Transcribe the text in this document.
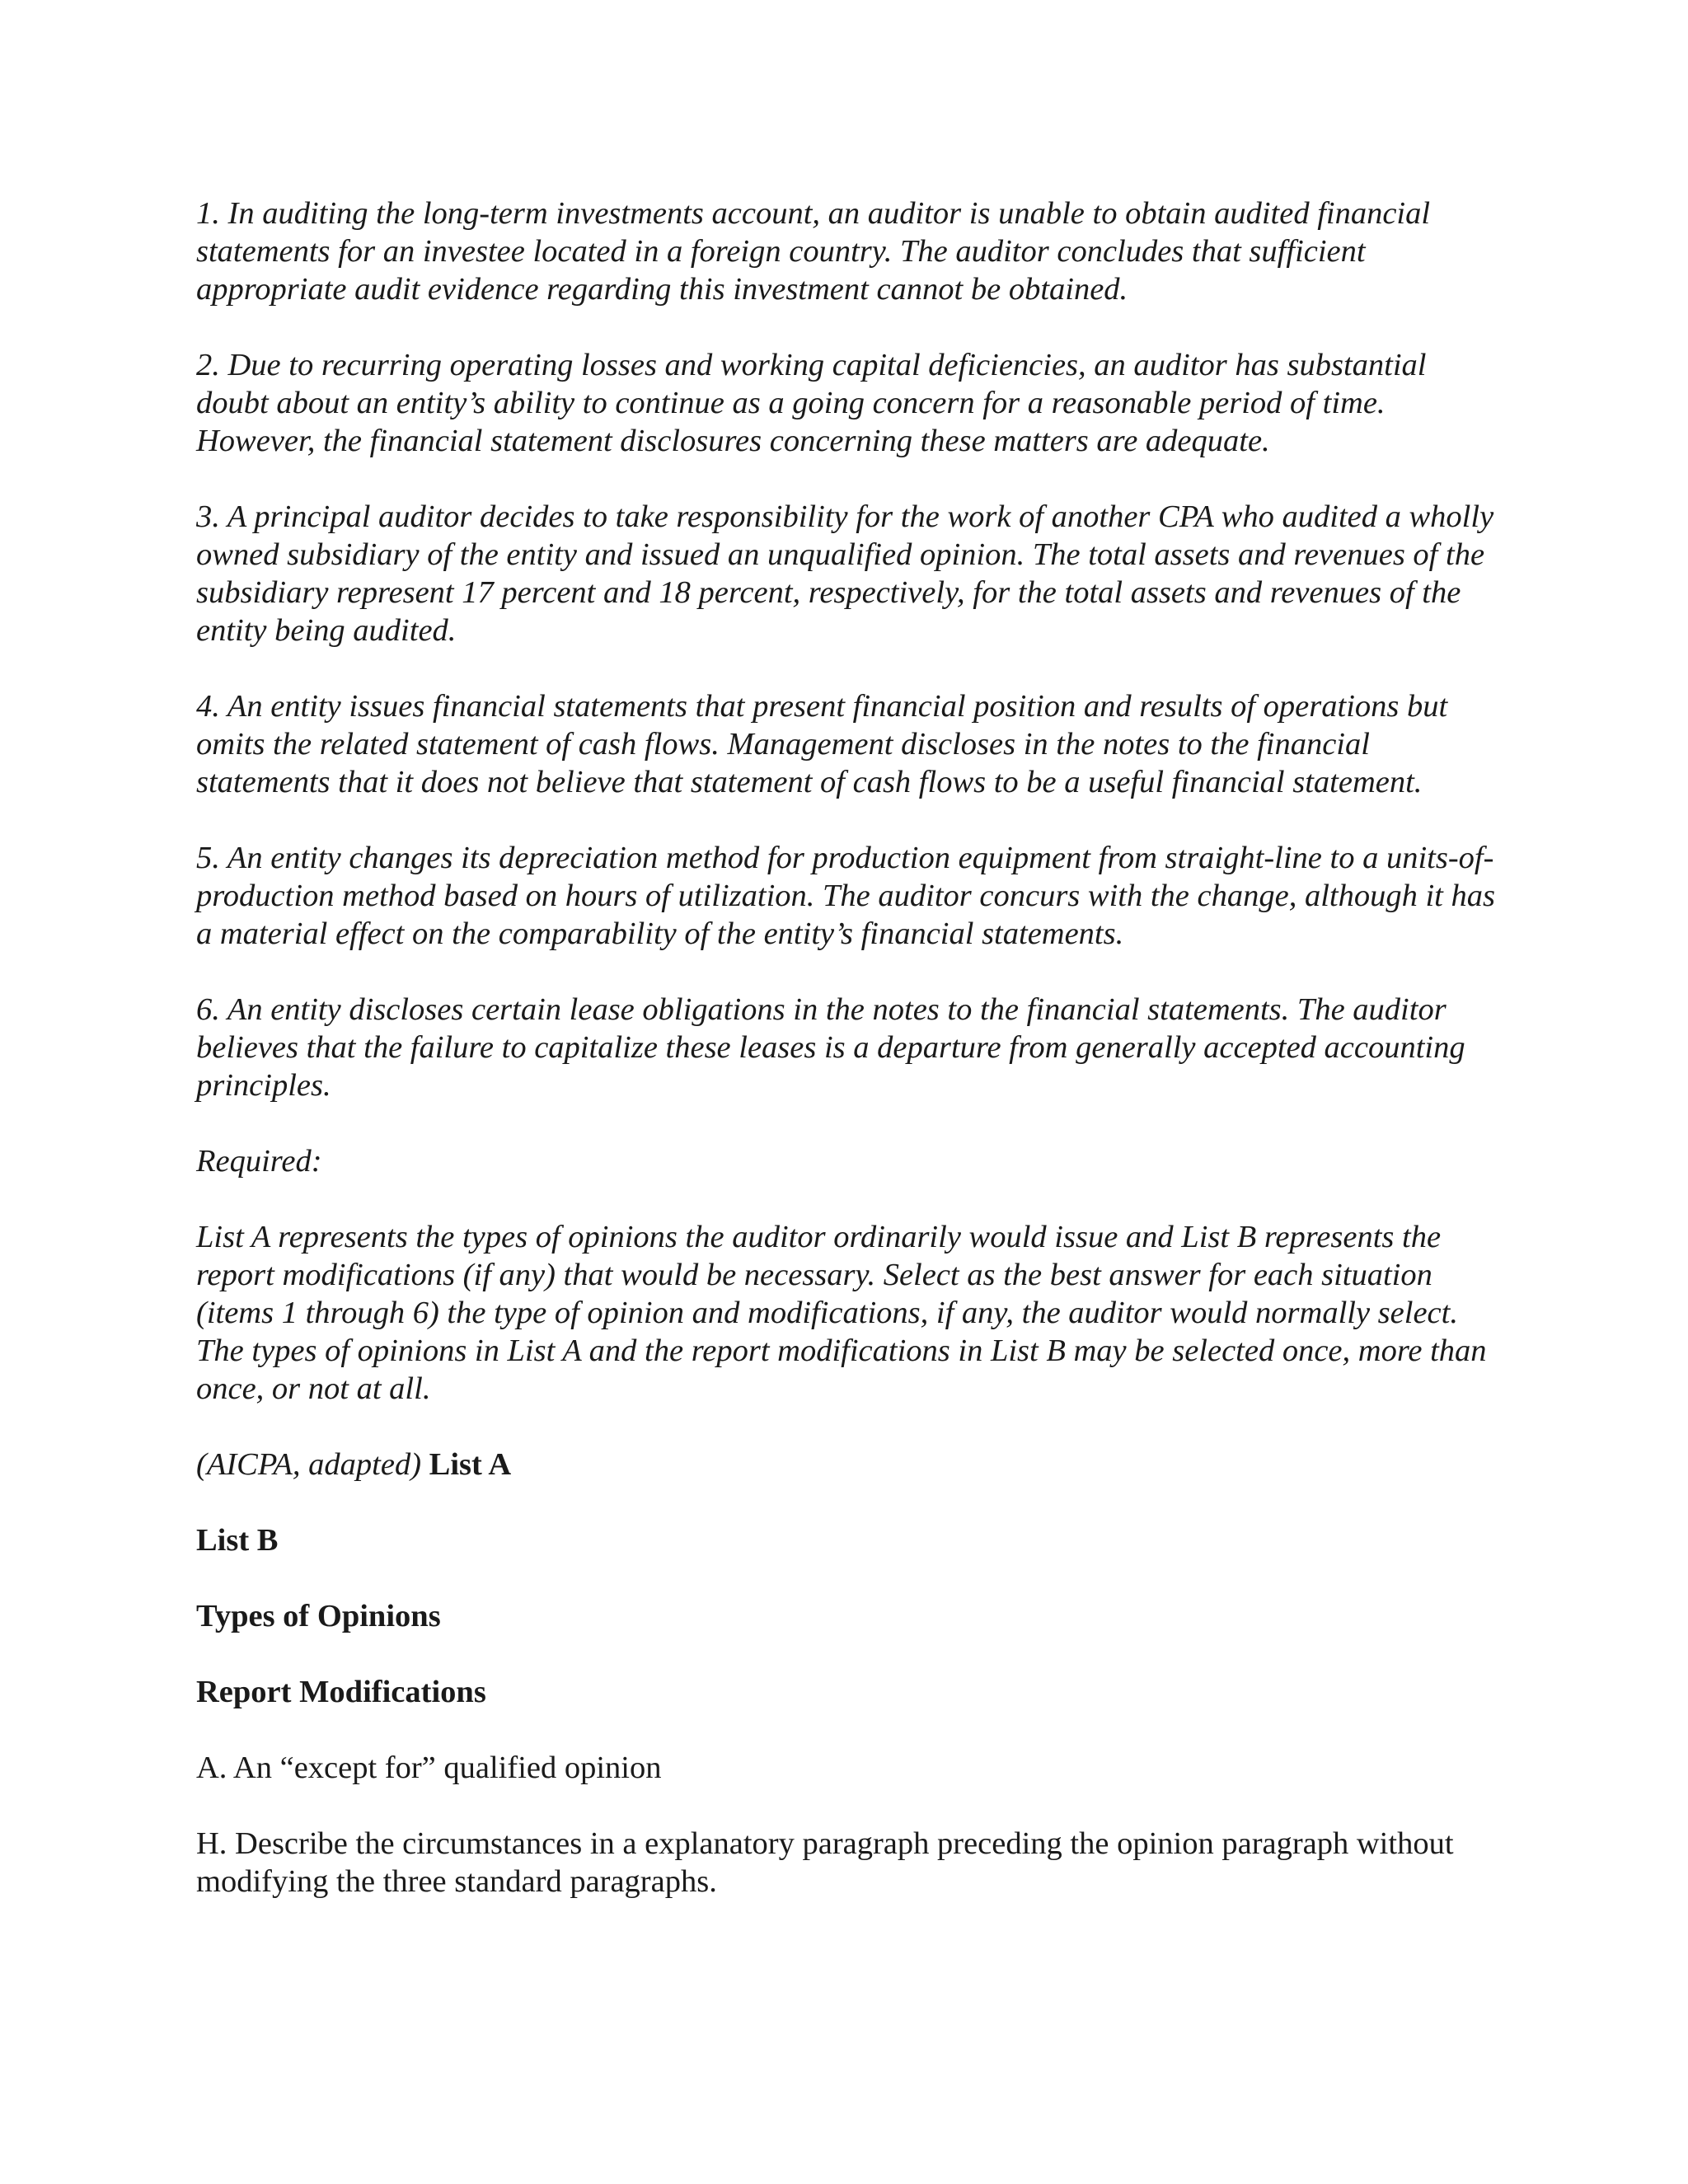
1. In auditing the long-term investments account, an auditor is unable to obtain audited financial statements for an investee located in a foreign country. The auditor concludes that sufficient appropriate audit evidence regarding this investment cannot be obtained.

2. Due to recurring operating losses and working capital deficiencies, an auditor has substantial doubt about an entity’s ability to continue as a going concern for a reasonable period of time. However, the financial statement disclosures concerning these matters are adequate.

3. A principal auditor decides to take responsibility for the work of another CPA who audited a wholly owned subsidiary of the entity and issued an unqualified opinion. The total assets and revenues of the subsidiary represent 17 percent and 18 percent, respectively, for the total assets and revenues of the entity being audited.

4. An entity issues financial statements that present financial position and results of operations but omits the related statement of cash flows. Management discloses in the notes to the financial statements that it does not believe that statement of cash flows to be a useful financial statement.

5. An entity changes its depreciation method for production equipment from straight-line to a units-of-production method based on hours of utilization. The auditor concurs with the change, although it has a material effect on the comparability of the entity’s financial statements.

6. An entity discloses certain lease obligations in the notes to the financial statements. The auditor believes that the failure to capitalize these leases is a departure from generally accepted accounting principles.

Required:

List A represents the types of opinions the auditor ordinarily would issue and List B represents the report modifications (if any) that would be necessary. Select as the best answer for each situation (items 1 through 6) the type of opinion and modifications, if any, the auditor would normally select. The types of opinions in List A and the report modifications in List B may be selected once, more than once, or not at all.

(AICPA, adapted) List A

List B

Types of Opinions

Report Modifications

A. An “except for” qualified opinion

H. Describe the circumstances in a explanatory paragraph preceding the opinion paragraph without modifying the three standard paragraphs.
